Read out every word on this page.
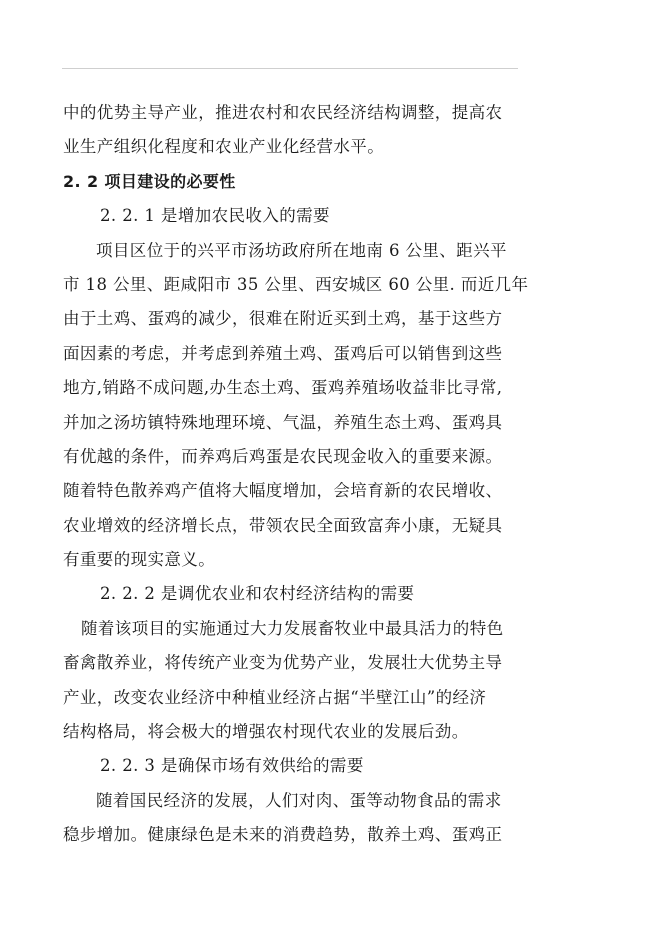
中的优势主导产业，推进农村和农民经济结构调整，提高农
业生产组织化程度和农业产业化经营水平。
2. 2 项目建设的必要性
2. 2. 1 是增加农民收入的需要
项目区位于的兴平市汤坊政府所在地南 6 公里、距兴平
市 18 公里、距咸阳市 35 公里、西安城区 60 公里. 而近几年
由于土鸡、蛋鸡的减少，很难在附近买到土鸡，基于这些方
面因素的考虑，并考虑到养殖土鸡、蛋鸡后可以销售到这些
地方,销路不成问题,办生态土鸡、蛋鸡养殖场收益非比寻常,
并加之汤坊镇特殊地理环境、气温，养殖生态土鸡、蛋鸡具
有优越的条件，而养鸡后鸡蛋是农民现金收入的重要来源。
随着特色散养鸡产值将大幅度增加，会培育新的农民增收、
农业增效的经济增长点，带领农民全面致富奔小康，无疑具
有重要的现实意义。
2. 2. 2 是调优农业和农村经济结构的需要
随着该项目的实施通过大力发展畜牧业中最具活力的特色
畜禽散养业，将传统产业变为优势产业，发展壮大优势主导
产业，改变农业经济中种植业经济占据“半壁江山”的经济
结构格局，将会极大的增强农村现代农业的发展后劲。
2. 2. 3 是确保市场有效供给的需要
随着国民经济的发展，人们对肉、蛋等动物食品的需求
稳步增加。健康绿色是未来的消费趋势，散养土鸡、蛋鸡正
